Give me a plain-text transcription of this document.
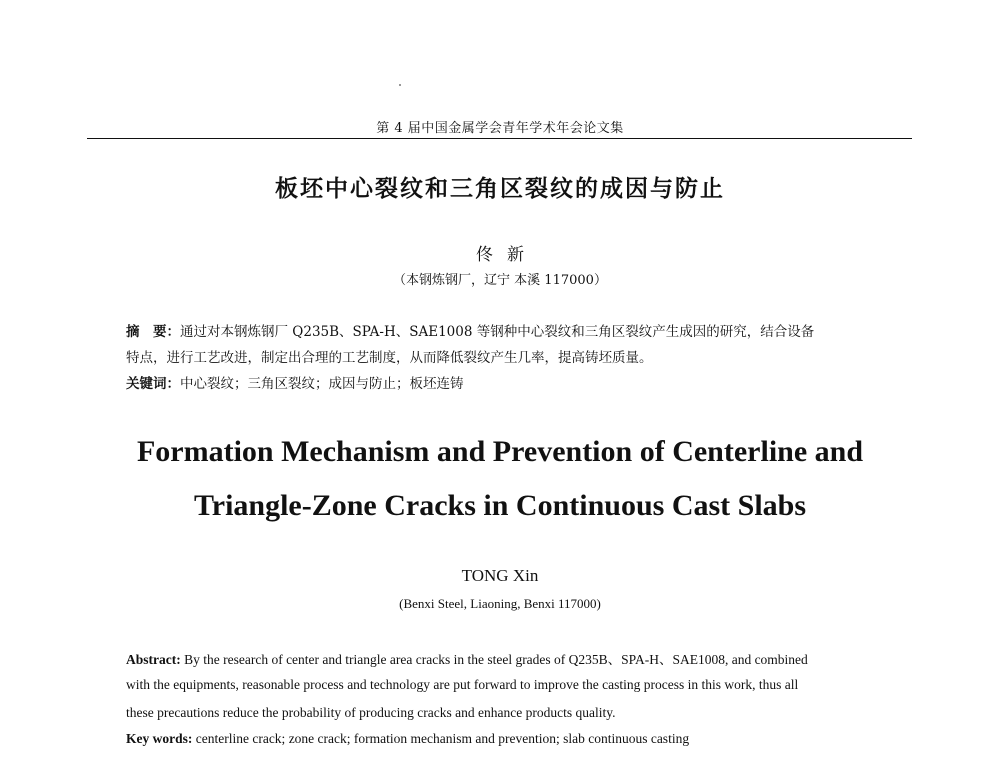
第 4 届中国金属学会青年学术年会论文集
板坯中心裂纹和三角区裂纹的成因与防止
佟新
（本钢炼钢厂，辽宁 本溪 117000）
摘　要：通过对本钢炼钢厂 Q235B、SPA-H、SAE1008 等钢种中心裂纹和三角区裂纹产生成因的研究，结合设备
特点，进行工艺改进，制定出合理的工艺制度，从而降低裂纹产生几率，提高铸坯质量。
关键词：中心裂纹；三角区裂纹；成因与防止；板坯连铸
Formation Mechanism and Prevention of Centerline and
Triangle-Zone Cracks in Continuous Cast Slabs
TONG Xin
(Benxi Steel, Liaoning, Benxi 117000)
Abstract: By the research of center and triangle area cracks in the steel grades of Q235B、SPA-H、SAE1008, and combined
with the equipments, reasonable process and technology are put forward to improve the casting process in this work, thus all
these precautions reduce the probability of producing cracks and enhance products quality.
Key words: centerline crack; zone crack; formation mechanism and prevention; slab continuous casting
